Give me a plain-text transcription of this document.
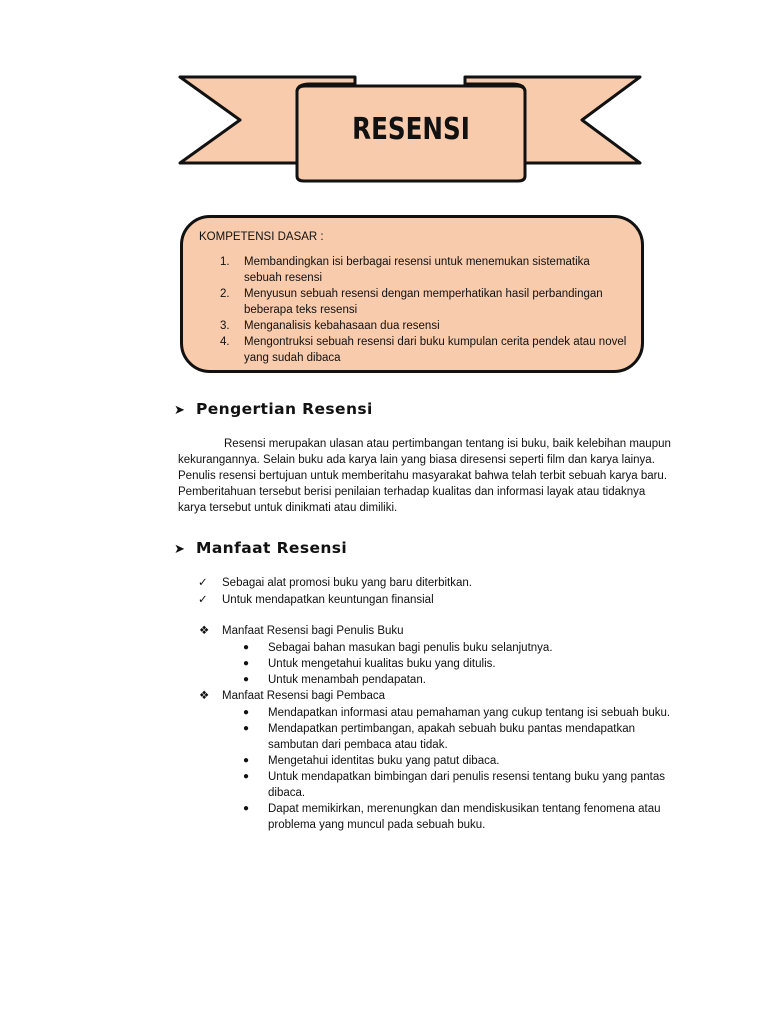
RESENSI
KOMPETENSI DASAR :
1. Membandingkan isi berbagai resensi untuk menemukan sistematika sebuah resensi
2. Menyusun sebuah resensi dengan memperhatikan hasil perbandingan beberapa teks resensi
3. Menganalisis kebahasaan dua resensi
4. Mengontruksi sebuah resensi dari buku kumpulan cerita pendek atau novel yang sudah dibaca
➤ Pengertian Resensi

Resensi merupakan ulasan atau pertimbangan tentang isi buku, baik kelebihan maupun kekurangannya. Selain buku ada karya lain yang biasa diresensi seperti film dan karya lainya. Penulis resensi bertujuan untuk memberitahu masyarakat bahwa telah terbit sebuah karya baru. Pemberitahuan tersebut berisi penilaian terhadap kualitas dan informasi layak atau tidaknya karya tersebut untuk dinikmati atau dimiliki.

➤ Manfaat Resensi
✓ Sebagai alat promosi buku yang baru diterbitkan.
✓ Untuk mendapatkan keuntungan finansial
❖ Manfaat Resensi bagi Penulis Buku
● Sebagai bahan masukan bagi penulis buku selanjutnya.
● Untuk mengetahui kualitas buku yang ditulis.
● Untuk menambah pendapatan.
❖ Manfaat Resensi bagi Pembaca
● Mendapatkan informasi atau pemahaman yang cukup tentang isi sebuah buku.
● Mendapatkan pertimbangan, apakah sebuah buku pantas mendapatkan sambutan dari pembaca atau tidak.
● Mengetahui identitas buku yang patut dibaca.
● Untuk mendapatkan bimbingan dari penulis resensi tentang buku yang pantas dibaca.
● Dapat memikirkan, merenungkan dan mendiskusikan tentang fenomena atau problema yang muncul pada sebuah buku.
